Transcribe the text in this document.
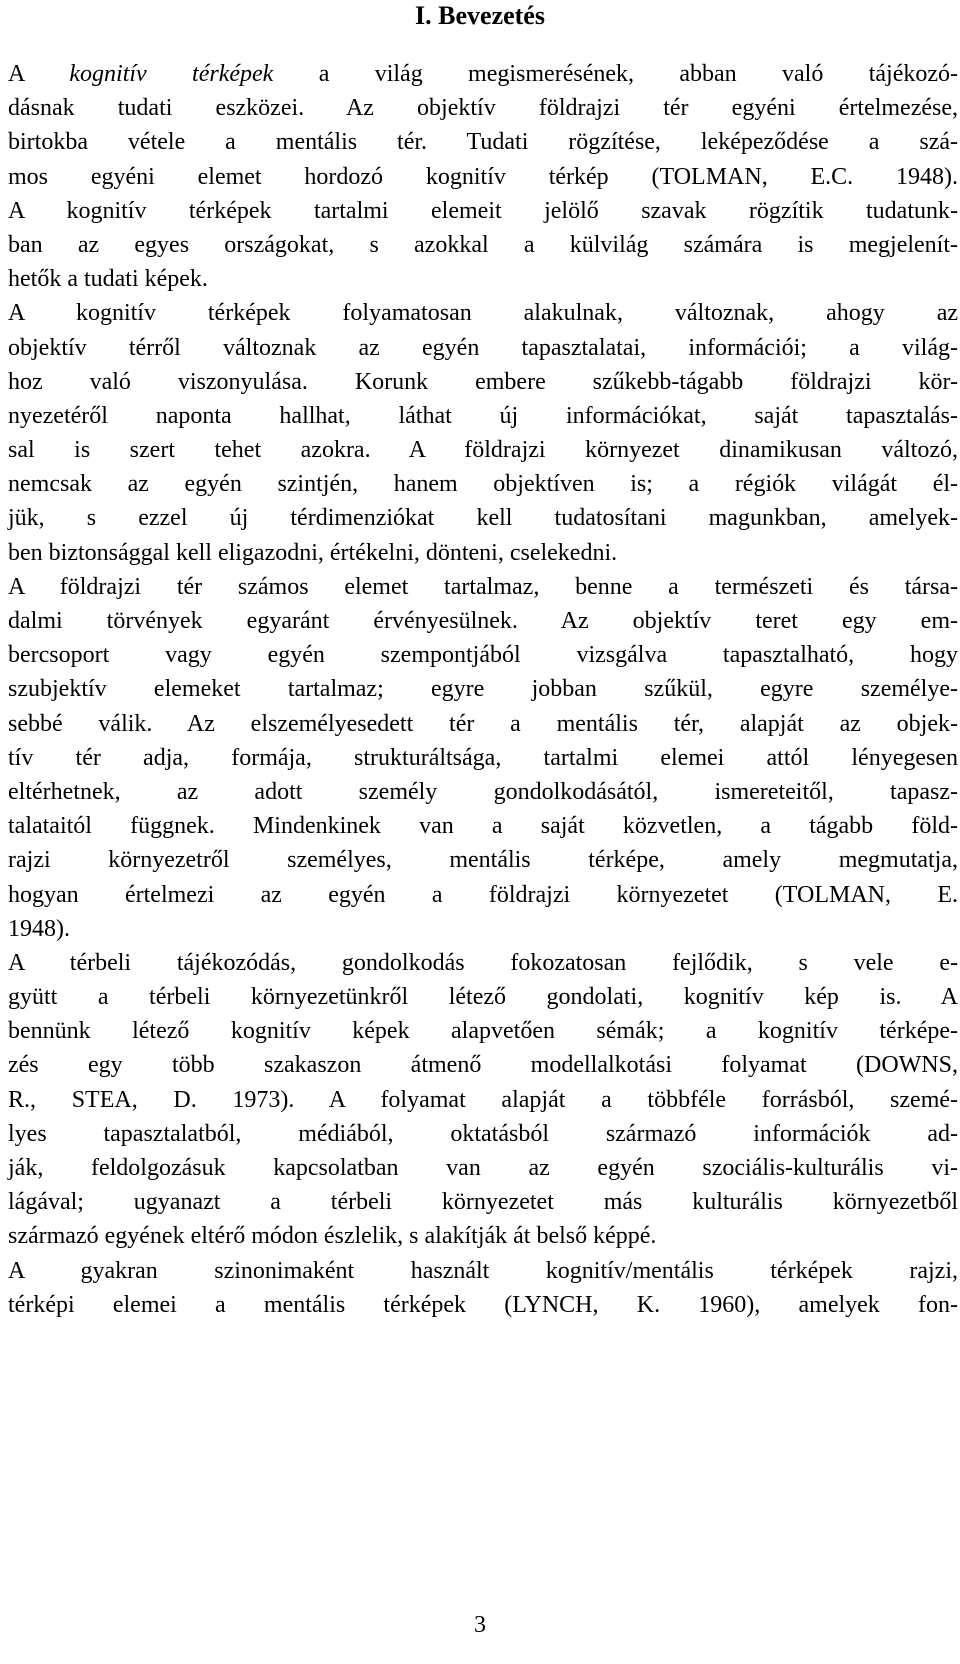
I. Bevezetés
A kognitív térképek a világ megismerésének, abban való tájékozó-
dásnak tudati eszközei. Az objektív földrajzi tér egyéni értelmezése,
birtokba vétele a mentális tér. Tudati rögzítése, leképeződése a szá-
mos egyéni elemet hordozó kognitív térkép (TOLMAN, E.C. 1948).
A kognitív térképek tartalmi elemeit jelölő szavak rögzítik tudatunk-
ban az egyes országokat, s azokkal a külvilág számára is megjelenít-
hetők a tudati képek.
A kognitív térképek folyamatosan alakulnak, változnak, ahogy az
objektív térről változnak az egyén tapasztalatai, információi; a világ-
hoz való viszonyulása. Korunk embere szűkebb-tágabb földrajzi kör-
nyezetéről naponta hallhat, láthat új információkat, saját tapasztalás-
sal is szert tehet azokra. A földrajzi környezet dinamikusan változó,
nemcsak az egyén szintjén, hanem objektíven is; a régiók világát él-
jük, s ezzel új térdimenziókat kell tudatosítani magunkban, amelyek-
ben biztonsággal kell eligazodni, értékelni, dönteni, cselekedni.
A földrajzi tér számos elemet tartalmaz, benne a természeti és társa-
dalmi törvények egyaránt érvényesülnek. Az objektív teret egy em-
bercsoport vagy egyén szempontjából vizsgálva tapasztalható, hogy
szubjektív elemeket tartalmaz; egyre jobban szűkül, egyre személye-
sebbé válik. Az elszemélyesedett tér a mentális tér, alapját az objek-
tív tér adja, formája, strukturáltsága, tartalmi elemei attól lényegesen
eltérhetnek, az adott személy gondolkodásától, ismereteitől, tapasz-
talataitól függnek. Mindenkinek van a saját közvetlen, a tágabb föld-
rajzi környezetről személyes, mentális térképe, amely megmutatja,
hogyan értelmezi az egyén a földrajzi környezetet (TOLMAN, E.
1948).
A térbeli tájékozódás, gondolkodás fokozatosan fejlődik, s vele e-
gyütt a térbeli környezetünkről létező gondolati, kognitív kép is. A
bennünk létező kognitív képek alapvetően sémák; a kognitív térképe-
zés egy több szakaszon átmenő modellalkotási folyamat (DOWNS,
R., STEA, D. 1973). A folyamat alapját a többféle forrásból, szemé-
lyes tapasztalatból, médiából, oktatásból származó információk ad-
ják, feldolgozásuk kapcsolatban van az egyén szociális-kulturális vi-
lágával; ugyanazt a térbeli környezetet más kulturális környezetből
származó egyének eltérő módon észlelik, s alakítják át belső képpé.
A gyakran szinonimaként használt kognitív/mentális térképek rajzi,
térképi elemei a mentális térképek (LYNCH, K. 1960), amelyek fon-
3
